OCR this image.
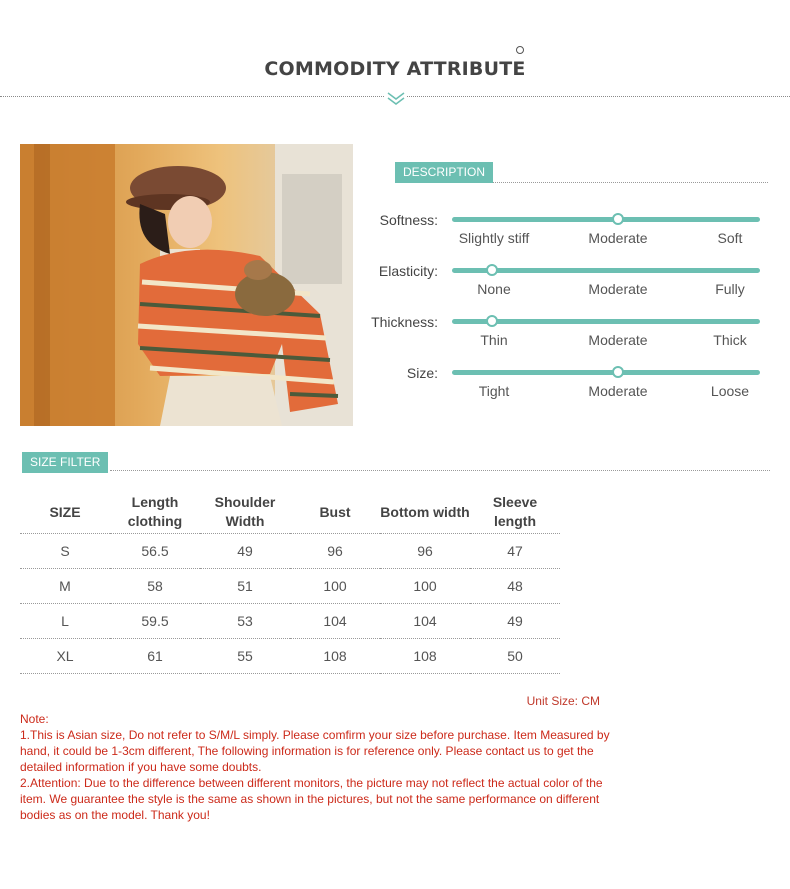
COMMODITY ATTRIBUTE
DESCRIPTION
Softness:
Slightly stiff	Moderate	Soft
Elasticity:
None	Moderate	Fully
Thickness:
Thin	Moderate	Thick
Size:
Tight	Moderate	Loose
SIZE FILTER
SIZE	Length clothing	Shoulder Width	Bust	Bottom width	Sleeve length
S	56.5	49	96	96	47
M	58	51	100	100	48
L	59.5	53	104	104	49
XL	61	55	108	108	50
Unit Size: CM

Note:

1.This is Asian size, Do not refer to S/M/L simply. Please comfirm your size before purchase. Item Measured by hand, it could be 1-3cm different, The following information is for reference only. Please contact us to get the detailed information if you have some doubts.

2.Attention: Due to the difference between different monitors, the picture may not reflect the actual color of the item. We guarantee the style is the same as shown in the pictures, but not the same performance on different bodies as on the model. Thank you!
